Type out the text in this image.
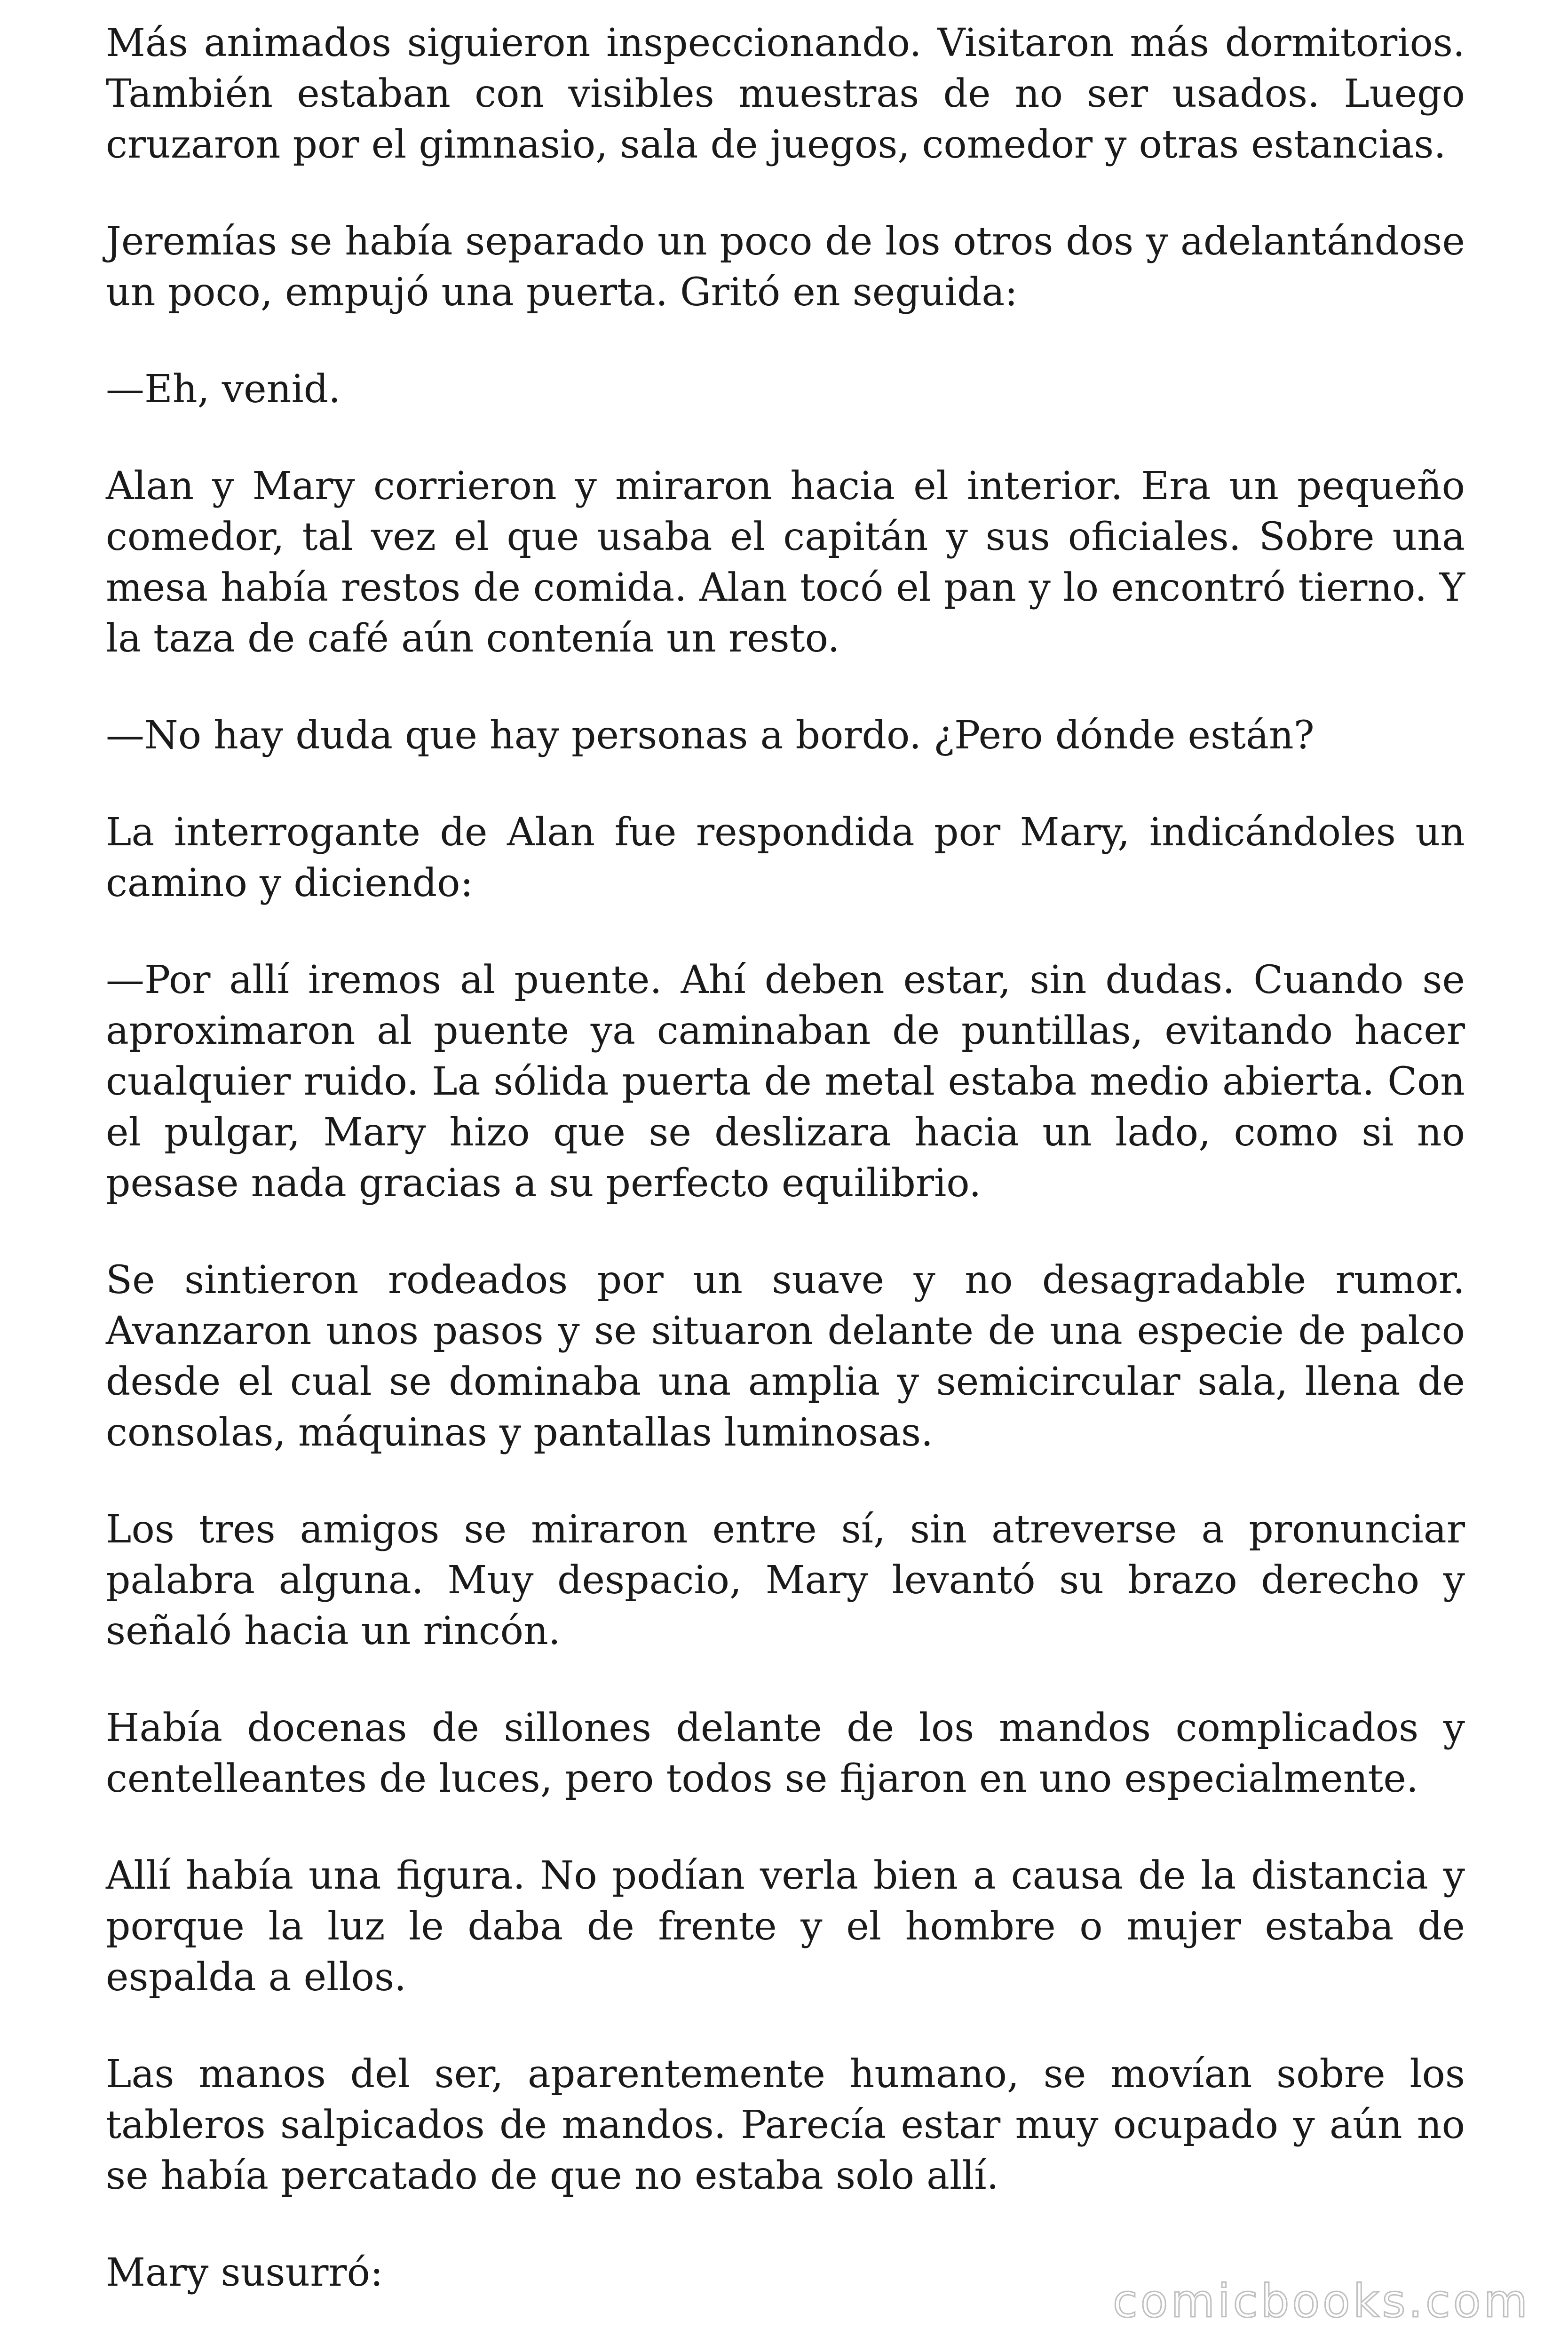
Más animados siguieron inspeccionando. Visitaron más dormitorios. También estaban con visibles muestras de no ser usados. Luego cruzaron por el gimnasio, sala de juegos, comedor y otras estancias.

Jeremías se había separado un poco de los otros dos y adelantándose un poco, empujó una puerta. Gritó en seguida:

—Eh, venid.

Alan y Mary corrieron y miraron hacia el interior. Era un pequeño comedor, tal vez el que usaba el capitán y sus oficiales. Sobre una mesa había restos de comida. Alan tocó el pan y lo encontró tierno. Y la taza de café aún contenía un resto.

—No hay duda que hay personas a bordo. ¿Pero dónde están?

La interrogante de Alan fue respondida por Mary, indicándoles un camino y diciendo:

—Por allí iremos al puente. Ahí deben estar, sin dudas. Cuando se aproximaron al puente ya caminaban de puntillas, evitando hacer cualquier ruido. La sólida puerta de metal estaba medio abierta. Con el pulgar, Mary hizo que se deslizara hacia un lado, como si no pesase nada gracias a su perfecto equilibrio.

Se sintieron rodeados por un suave y no desagradable rumor. Avanzaron unos pasos y se situaron delante de una especie de palco desde el cual se dominaba una amplia y semicircular sala, llena de consolas, máquinas y pantallas luminosas.

Los tres amigos se miraron entre sí, sin atreverse a pronunciar palabra alguna. Muy despacio, Mary levantó su brazo derecho y señaló hacia un rincón.

Había docenas de sillones delante de los mandos complicados y centelleantes de luces, pero todos se fijaron en uno especialmente.

Allí había una figura. No podían verla bien a causa de la distancia y porque la luz le daba de frente y el hombre o mujer estaba de espalda a ellos.

Las manos del ser, aparentemente humano, se movían sobre los tableros salpicados de mandos. Parecía estar muy ocupado y aún no se había percatado de que no estaba solo allí.

Mary susurró:

comicbooks.com
